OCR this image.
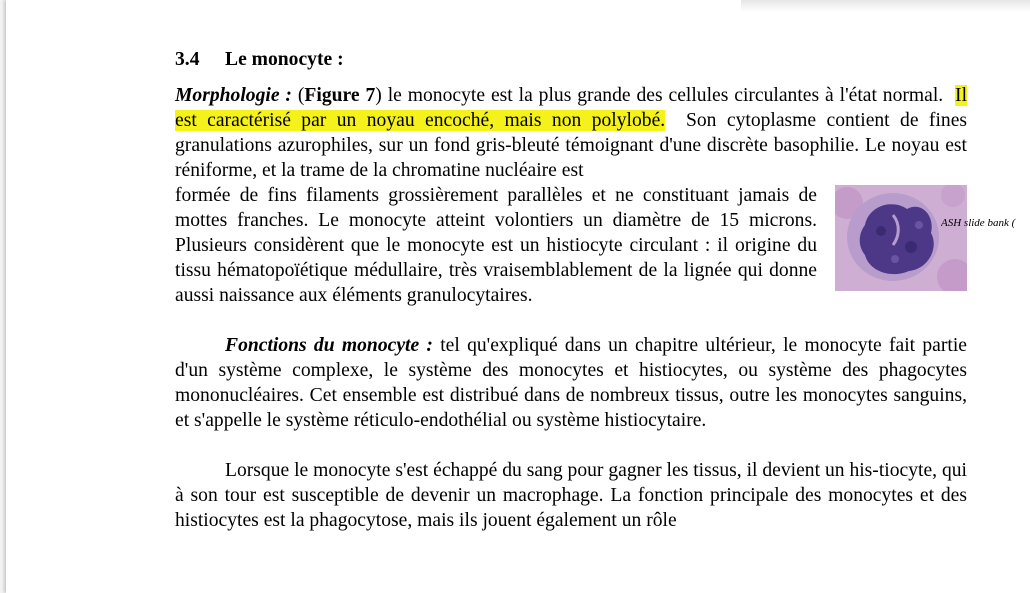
3.4 Le monocyte :

Morphologie : (Figure 7) le monocyte est la plus grande des cellules circulantes à l'état normal. Il est caractérisé par un noyau encoché, mais non polylobé. Son cytoplasme contient de fines granulations azurophiles, sur un fond gris-bleuté témoignant d'une discrète basophilie. Le noyau est réniforme, et la trame de la chromatine nucléaire est

formée de fins filaments grossièrement parallèles et ne constituant jamais de mottes franches. Le monocyte atteint volontiers un diamètre de 15 microns. Plusieurs considèrent que le monocyte est un histiocyte circulant : il origine du tissu hématopoïétique médullaire, très vraisemblablement de la lignée qui donne aussi naissance aux éléments granulocytaires.

Fonctions du monocyte : tel qu'expliqué dans un chapitre ultérieur, le monocyte fait partie d'un système complexe, le système des monocytes et histiocytes, ou système des phagocytes mononucléaires. Cet ensemble est distribué dans de nombreux tissus, outre les monocytes sanguins, et s'appelle le système réticulo-endothélial ou système histiocytaire.

Lorsque le monocyte s'est échappé du sang pour gagner les tissus, il devient un his-tiocyte, qui à son tour est susceptible de devenir un macrophage. La fonction principale des monocytes et des histiocytes est la phagocytose, mais ils jouent également un rôle

ASH slide bank (
